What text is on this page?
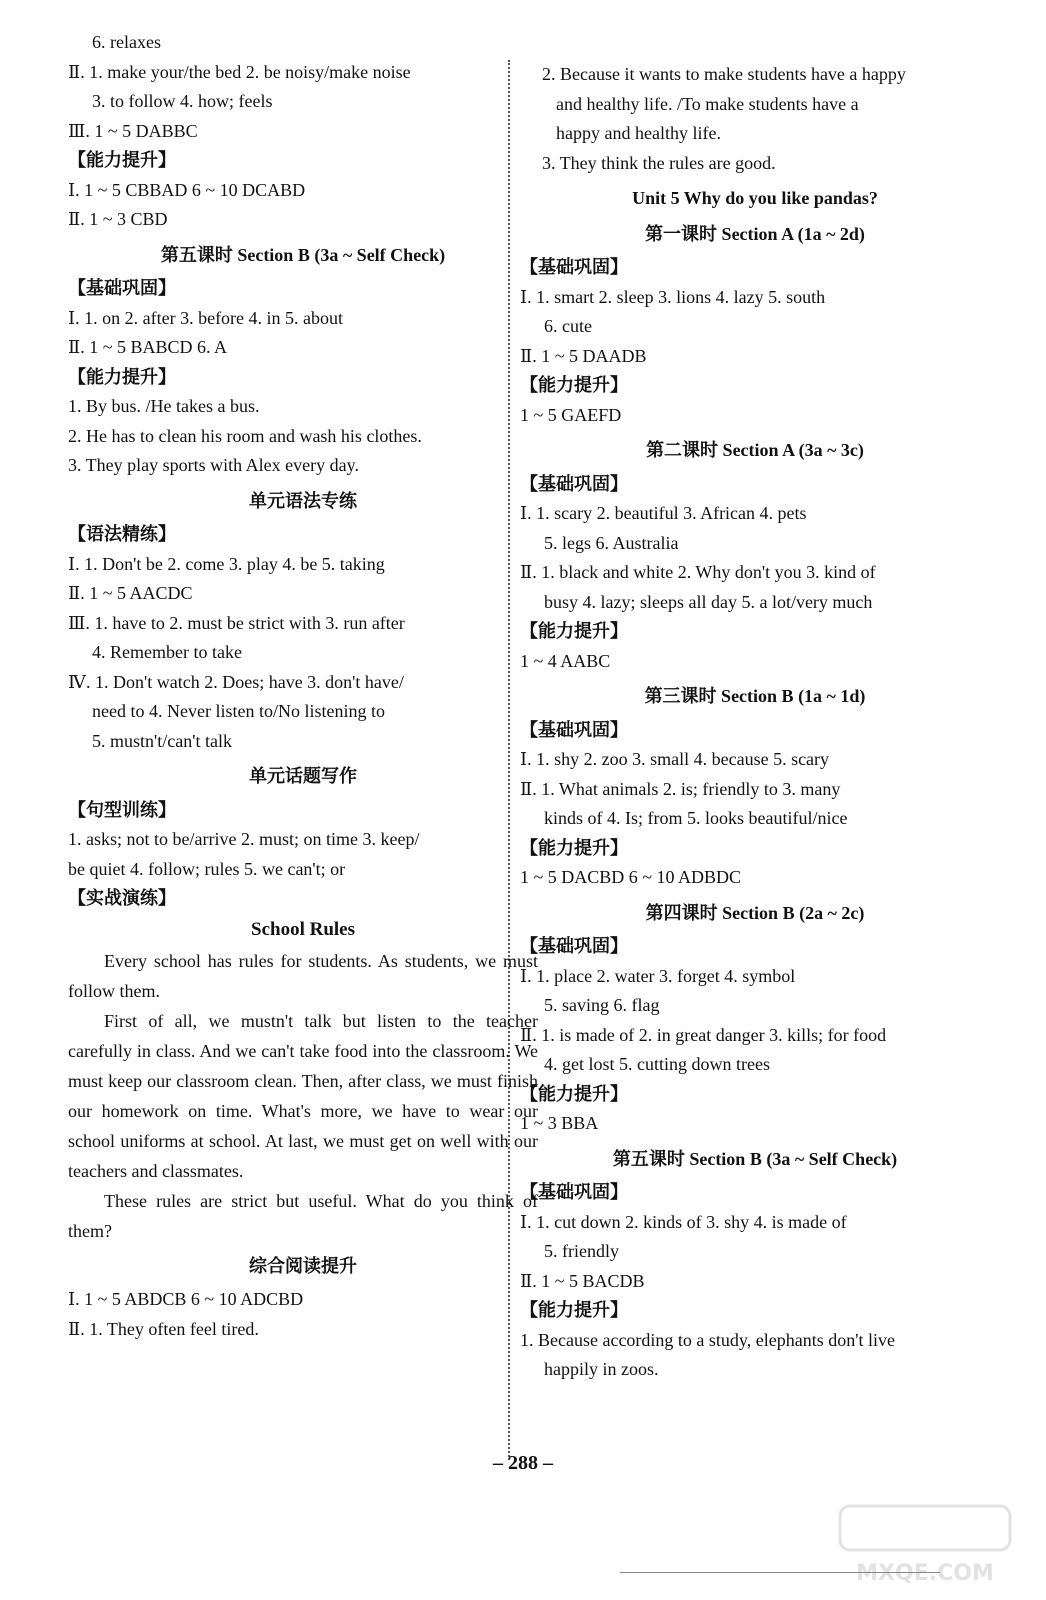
6. relaxes

Ⅱ. 1. make your/the bed 2. be noisy/make noise

3. to follow 4. how; feels

Ⅲ. 1 ~ 5 DABBC

【能力提升】

Ⅰ. 1 ~ 5 CBBAD 6 ~ 10 DCABD

Ⅱ. 1 ~ 3 CBD

第五课时 Section B (3a ~ Self Check)

【基础巩固】

Ⅰ. 1. on 2. after 3. before 4. in 5. about

Ⅱ. 1 ~ 5 BABCD 6. A

【能力提升】

1. By bus. /He takes a bus.

2. He has to clean his room and wash his clothes.

3. They play sports with Alex every day.

单元语法专练

【语法精练】

Ⅰ. 1. Don't be 2. come 3. play 4. be 5. taking

Ⅱ. 1 ~ 5 AACDC

Ⅲ. 1. have to 2. must be strict with 3. run after

4. Remember to take

Ⅳ. 1. Don't watch 2. Does; have 3. don't have/

need to 4. Never listen to/No listening to

5. mustn't/can't talk

单元话题写作

【句型训练】

1. asks; not to be/arrive 2. must; on time 3. keep/

be quiet 4. follow; rules 5. we can't; or

【实战演练】

School Rules

Every school has rules for students. As students, we must follow them.

First of all, we mustn't talk but listen to the teacher carefully in class. And we can't take food into the classroom. We must keep our classroom clean. Then, after class, we must finish our homework on time. What's more, we have to wear our school uniforms at school. At last, we must get on well with our teachers and classmates.

These rules are strict but useful. What do you think of them?

综合阅读提升

Ⅰ. 1 ~ 5 ABDCB 6 ~ 10 ADCBD

Ⅱ. 1. They often feel tired.

2. Because it wants to make students have a happy

and healthy life. /To make students have a

happy and healthy life.

3. They think the rules are good.

Unit 5 Why do you like pandas?
第一课时 Section A (1a ~ 2d)

【基础巩固】

Ⅰ. 1. smart 2. sleep 3. lions 4. lazy 5. south

6. cute

Ⅱ. 1 ~ 5 DAADB

【能力提升】

1 ~ 5 GAEFD

第二课时 Section A (3a ~ 3c)

【基础巩固】

Ⅰ. 1. scary 2. beautiful 3. African 4. pets

5. legs 6. Australia

Ⅱ. 1. black and white 2. Why don't you 3. kind of

busy 4. lazy; sleeps all day 5. a lot/very much

【能力提升】

1 ~ 4 AABC

第三课时 Section B (1a ~ 1d)

【基础巩固】

Ⅰ. 1. shy 2. zoo 3. small 4. because 5. scary

Ⅱ. 1. What animals 2. is; friendly to 3. many

kinds of 4. Is; from 5. looks beautiful/nice

【能力提升】

1 ~ 5 DACBD 6 ~ 10 ADBDC

第四课时 Section B (2a ~ 2c)

【基础巩固】

Ⅰ. 1. place 2. water 3. forget 4. symbol

5. saving 6. flag

Ⅱ. 1. is made of 2. in great danger 3. kills; for food

4. get lost 5. cutting down trees

【能力提升】

1 ~ 3 BBA

第五课时 Section B (3a ~ Self Check)

【基础巩固】

Ⅰ. 1. cut down 2. kinds of 3. shy 4. is made of

5. friendly

Ⅱ. 1 ~ 5 BACDB

【能力提升】

1. Because according to a study, elephants don't live

happily in zoos.

– 288 –
MXQE.COM
